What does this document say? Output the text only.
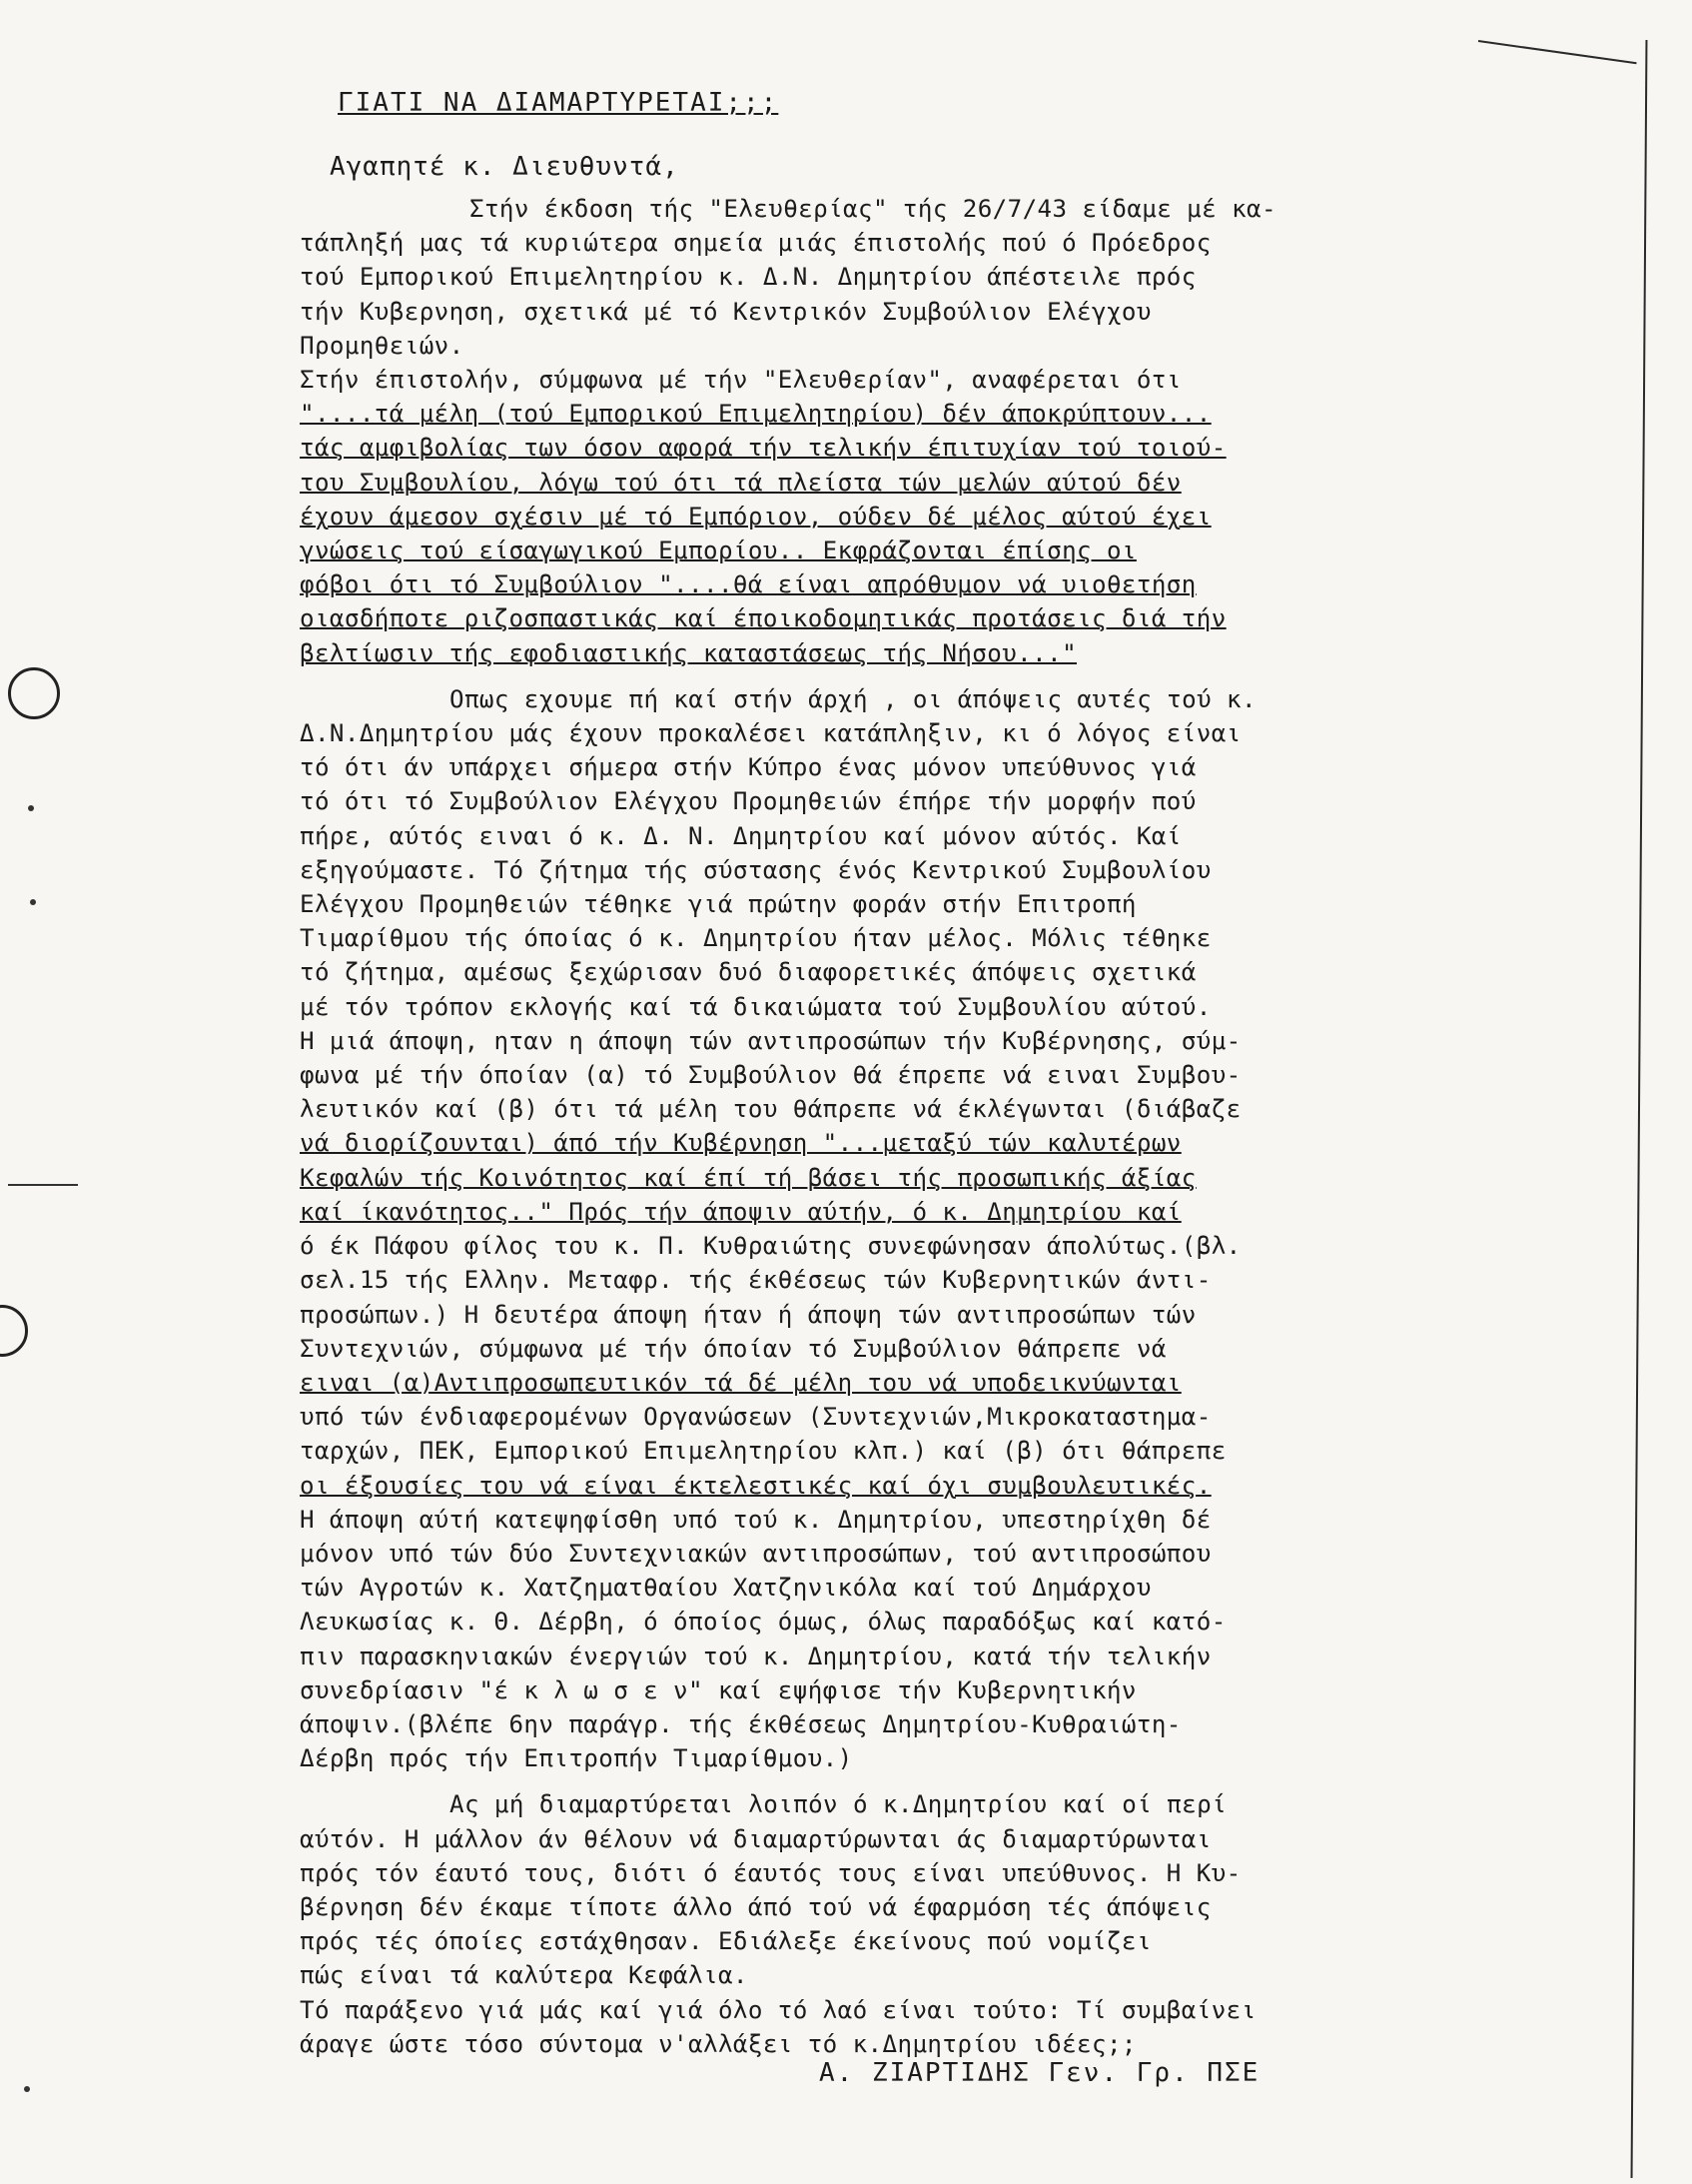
ΓΙΑΤΙ ΝΑ ΔΙΑΜΑΡΤΥΡΕΤΑΙ;;;
Αγαπητέ κ. Διευθυντά,
Στήν έκδοση τής "Ελευθερίας" τής 26/7/43 είδαμε μέ κα-
τάπληξή μας τά κυριώτερα σημεία μιάς έπιστολής πού ό Πρόεδρος
τού Εμπορικού Επιμελητηρίου κ. Δ.Ν. Δημητρίου άπέστειλε πρός
τήν Κυβερνηση, σχετικά μέ τό Κεντρικόν Συμβούλιον Ελέγχου
Προμηθειών.
Στήν έπιστολήν, σύμφωνα μέ τήν "Ελευθερίαν", αναφέρεται ότι
"....τά μέλη (τού Εμπορικού Επιμελητηρίου) δέν άποκρύπτουν...
τάς αμφιβολίας των όσον αφορά τήν τελικήν έπιτυχίαν τού τοιού-
του Συμβουλίου, λόγω τού ότι τά πλείστα τών μελών αύτού δέν
έχουν άμεσον σχέσιν μέ τό Εμπόριον, ούδεν δέ μέλος αύτού έχει
γνώσεις τού είσαγωγικού Εμπορίου.. Εκφράζονται έπίσης οι
φόβοι ότι τό Συμβούλιον "....θά είναι απρόθυμον νά υιοθετήση
οιασδήποτε ριζοσπαστικάς καί έποικοδομητικάς προτάσεις διά τήν
βελτίωσιν τής εφοδιαστικής καταστάσεως τής Νήσου..."
Οπως εχουμε πή καί στήν άρχή , οι άπόψεις αυτές τού κ.
Δ.Ν.Δημητρίου μάς έχουν προκαλέσει κατάπληξιν, κι ό λόγος είναι
τό ότι άν υπάρχει σήμερα στήν Κύπρο ένας μόνον υπεύθυνος γιά
τό ότι τό Συμβούλιον Ελέγχου Προμηθειών έπήρε τήν μορφήν πού
πήρε, αύτός ειναι ό κ. Δ. Ν. Δημητρίου καί μόνον αύτός. Καί
εξηγούμαστε. Τό ζήτημα τής σύστασης ένός Κεντρικού Συμβουλίου
Ελέγχου Προμηθειών τέθηκε γιά πρώτην φοράν στήν Επιτροπή
Τιμαρίθμου τής όποίας ό κ. Δημητρίου ήταν μέλος. Μόλις τέθηκε
τό ζήτημα, αμέσως ξεχώρισαν δυό διαφορετικές άπόψεις σχετικά
μέ τόν τρόπον εκλογής καί τά δικαιώματα τού Συμβουλίου αύτού.
Η μιά άποψη, ηταν η άποψη τών αντιπροσώπων τήν Κυβέρνησης, σύμ-
φωνα μέ τήν όποίαν (α) τό Συμβούλιον θά έπρεπε νά ειναι Συμβου-
λευτικόν καί (β) ότι τά μέλη του θάπρεπε νά έκλέγωνται (διάβαζε
νά διορίζουνται) άπό τήν Κυβέρνηση "...μεταξύ τών καλυτέρων
Κεφαλών τής Κοινότητος καί έπί τή βάσει τής προσωπικής άξίας
καί ίκανότητος.." Πρός τήν άποψιν αύτήν, ό κ. Δημητρίου καί
ό έκ Πάφου φίλος του κ. Π. Κυθραιώτης συνεφώνησαν άπολύτως.(βλ.
σελ.15 τής Ελλην. Μεταφρ. τής έκθέσεως τών Κυβερνητικών άντι-
προσώπων.) Η δευτέρα άποψη ήταν ή άποψη τών αντιπροσώπων τών
Συντεχνιών, σύμφωνα μέ τήν όποίαν τό Συμβούλιον θάπρεπε νά
ειναι (α)Αντιπροσωπευτικόν τά δέ μέλη του νά υποδεικνύωνται
υπό τών ένδιαφερομένων Οργανώσεων (Συντεχνιών,Μικροκαταστημα-
ταρχών, ΠΕΚ, Εμπορικού Επιμελητηρίου κλπ.) καί (β) ότι θάπρεπε
οι έξουσίες του νά είναι έκτελεστικές καί όχι συμβουλευτικές.
Η άποψη αύτή κατεψηφίσθη υπό τού κ. Δημητρίου, υπεστηρίχθη δέ
μόνον υπό τών δύο Συντεχνιακών αντιπροσώπων, τού αντιπροσώπου
τών Αγροτών κ. Χατζηματθαίου Χατζηνικόλα καί τού Δημάρχου
Λευκωσίας κ. Θ. Δέρβη, ό όποίος όμως, όλως παραδόξως καί κατό-
πιν παρασκηνιακών ένεργιών τού κ. Δημητρίου, κατά τήν τελικήν
συνεδρίασιν "έ κ λ ω σ ε ν" καί εψήφισε τήν Κυβερνητικήν
άποψιν.(βλέπε 6ην παράγρ. τής έκθέσεως Δημητρίου-Κυθραιώτη-
Δέρβη πρός τήν Επιτροπήν Τιμαρίθμου.)
Ας μή διαμαρτύρεται λοιπόν ό κ.Δημητρίου καί οί περί
αύτόν. Η μάλλον άν θέλουν νά διαμαρτύρωνται άς διαμαρτύρωνται
πρός τόν έαυτό τους, διότι ό έαυτός τους είναι υπεύθυνος. Η Κυ-
βέρνηση δέν έκαμε τίποτε άλλο άπό τού νά έφαρμόση τές άπόψεις
πρός τές όποίες εστάχθησαν. Εδιάλεξε έκείνους πού νομίζει
πώς είναι τά καλύτερα Κεφάλια.
Τό παράξενο γιά μάς καί γιά όλο τό λαό είναι τούτο: Τί συμβαίνει
άραγε ώστε τόσο σύντομα ν'αλλάξει τό κ.Δημητρίου ιδέες;;
Α. ΖΙΑΡΤΙΔΗΣ Γεν. Γρ. ΠΣΕ
